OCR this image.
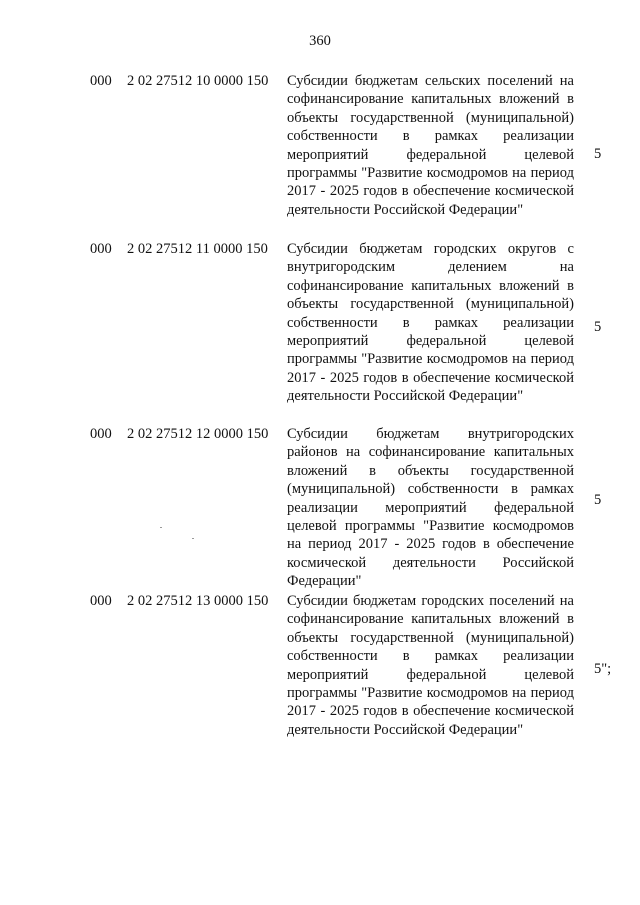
360
000 2 02 27512 10 0000 150 Субсидии бюджетам сельских поселений на софинансирование капитальных вложений в объекты государственной (муниципальной) собственности в рамках реализации мероприятий федеральной целевой программы "Развитие космодромов на период 2017 - 2025 годов в обеспечение космической деятельности Российской Федерации"
5
000 2 02 27512 11 0000 150 Субсидии бюджетам городских округов с внутригородским делением на софинансирование капитальных вложений в объекты государственной (муниципальной) собственности в рамках реализации мероприятий федеральной целевой программы "Развитие космодромов на период 2017 - 2025 годов в обеспечение космической деятельности Российской Федерации"
5
000 2 02 27512 12 0000 150 Субсидии бюджетам внутригородских районов на софинансирование капитальных вложений в объекты государственной (муниципальной) собственности в рамках реализации мероприятий федеральной целевой программы "Развитие космодромов на период 2017 - 2025 годов в обеспечение космической деятельности Российской Федерации"
5
000 2 02 27512 13 0000 150 Субсидии бюджетам городских поселений на софинансирование капитальных вложений в объекты государственной (муниципальной) собственности в рамках реализации мероприятий федеральной целевой программы "Развитие космодромов на период 2017 - 2025 годов в обеспечение космической деятельности Российской Федерации"
5";
